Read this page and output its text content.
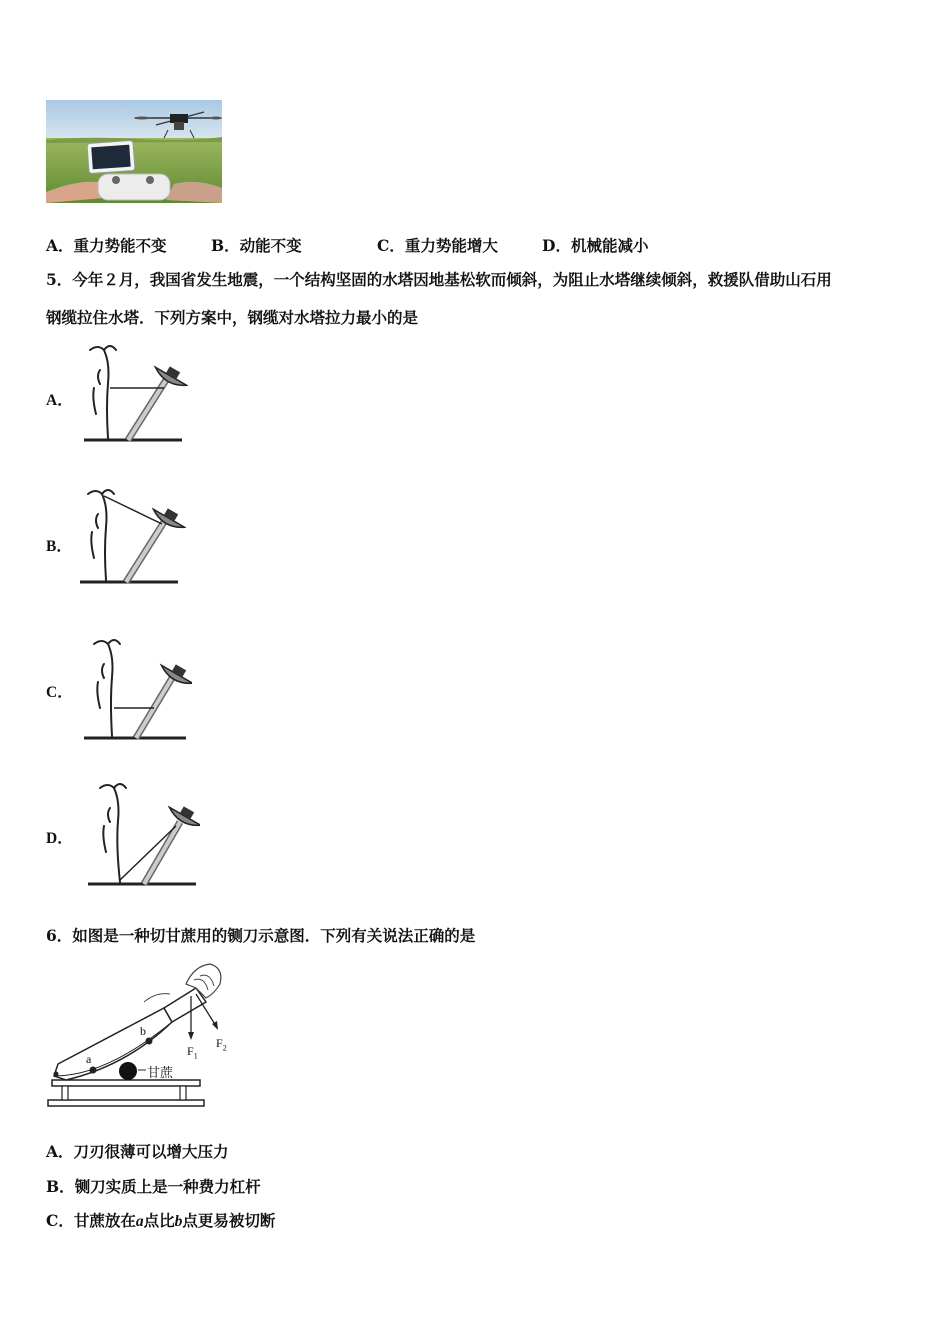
A．重力势能不变	B．动能不变	C．重力势能增大	D．机械能减小
5．今年２月，我国省发生地震，一个结构坚固的水塔因地基松软而倾斜，为阻止水塔继续倾斜，救援队借助山石用
钢缆拉住水塔．下列方案中，钢缆对水塔拉力最小的是
A．
B．
C．
D．
6．如图是一种切甘蔗用的铡刀示意图．下列有关说法正确的是
a
b
甘蔗
$F_1$
$F_2$
A．刀刃很薄可以增大压力
B．铡刀实质上是一种费力杠杆
C．甘蔗放在a点比b点更易被切断
